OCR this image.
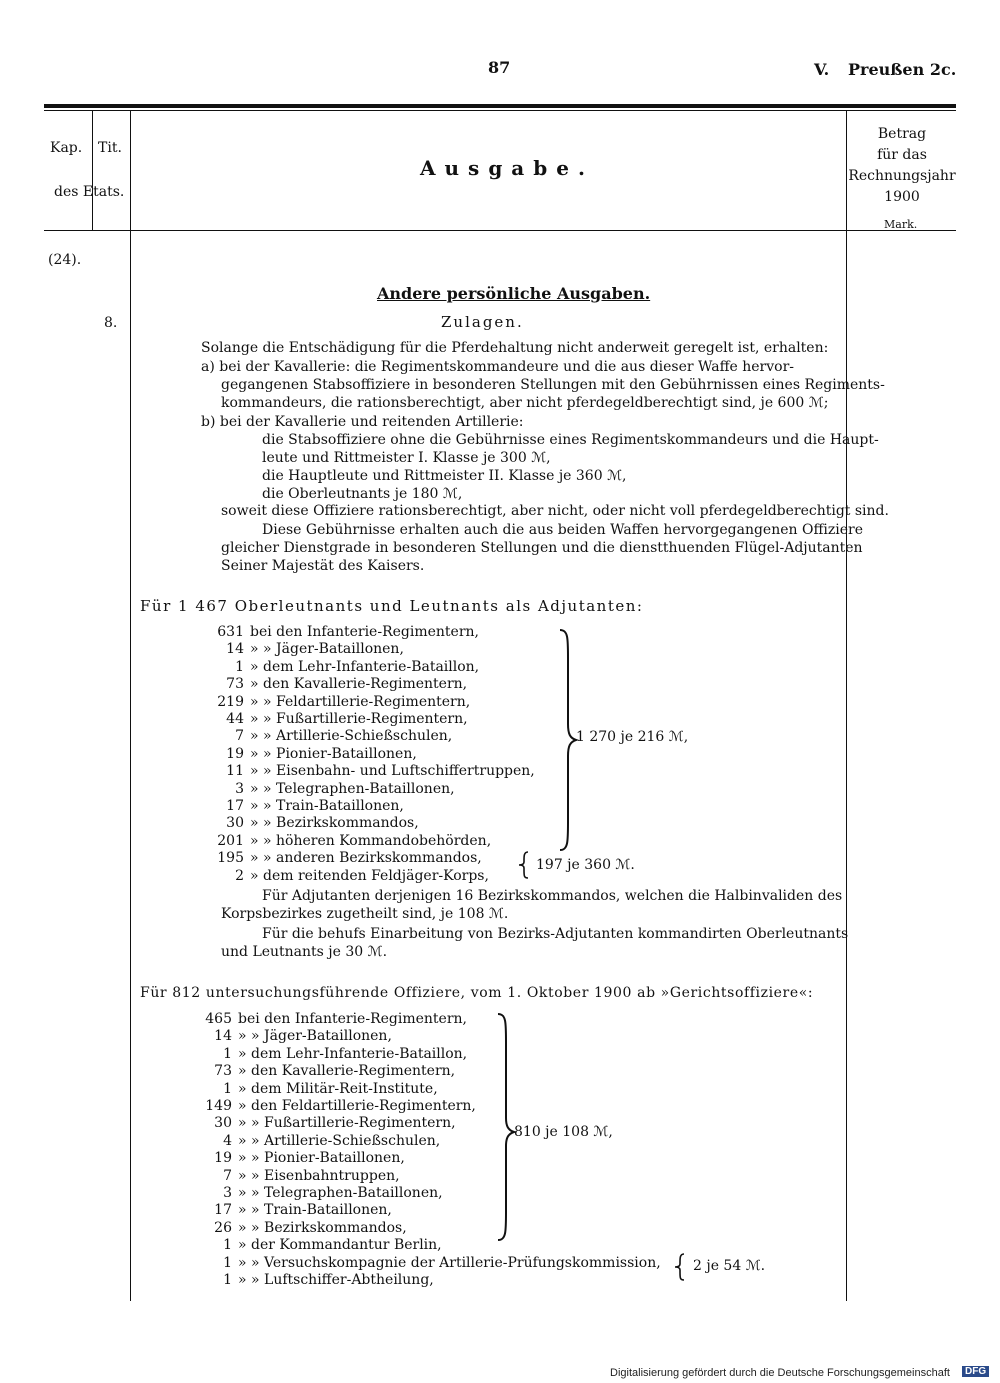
87	V. Preußen 2c.
Kap. Tit.
des Etats.
Ausgabe.
Betrag
für das
Rechnungsjahr
1900
Mark.
(24).
8.
Andere persönliche Ausgaben.
Zulagen.
Solange die Entschädigung für die Pferdehaltung nicht anderweit geregelt ist, erhalten:
a) bei der Kavallerie: die Regimentskommandeure und die aus dieser Waffe hervor-
gegangenen Stabsoffiziere in besonderen Stellungen mit den Gebührnissen eines Regiments-
kommandeurs, die rationsberechtigt, aber nicht pferdegeldberechtigt sind, je 600 ℳ;
b) bei der Kavallerie und reitenden Artillerie:
die Stabsoffiziere ohne die Gebührnisse eines Regimentskommandeurs und die Haupt-
leute und Rittmeister I. Klasse je 300 ℳ,
die Hauptleute und Rittmeister II. Klasse je 360 ℳ,
die Oberleutnants je 180 ℳ,
soweit diese Offiziere rationsberechtigt, aber nicht, oder nicht voll pferdegeldberechtigt sind.
Diese Gebührnisse erhalten auch die aus beiden Waffen hervorgegangenen Offiziere
gleicher Dienstgrade in besonderen Stellungen und die dienstthuenden Flügel-Adjutanten
Seiner Majestät des Kaisers.
Für 1 467 Oberleutnants und Leutnants als Adjutanten:
631 bei den Infanterie-Regimentern,
14 » » Jäger-Bataillonen,
1 » dem Lehr-Infanterie-Bataillon,
73 » den Kavallerie-Regimentern,
219 » » Feldartillerie-Regimentern,
44 » » Fußartillerie-Regimentern,
7 » » Artillerie-Schießschulen,
19 » » Pionier-Bataillonen,
11 » » Eisenbahn- und Luftschiffertruppen,
3 » » Telegraphen-Bataillonen,
17 » » Train-Bataillonen,
30 » » Bezirkskommandos,
201 » » höheren Kommandobehörden,
195 » » anderen Bezirkskommandos,
2 » dem reitenden Feldjäger-Korps,
1 270 je 216 ℳ,
197 je 360 ℳ.
Für Adjutanten derjenigen 16 Bezirkskommandos, welchen die Halbinvaliden des
Korpsbezirkes zugetheilt sind, je 108 ℳ.
Für die behufs Einarbeitung von Bezirks-Adjutanten kommandirten Oberleutnants
und Leutnants je 30 ℳ.
Für 812 untersuchungsführende Offiziere, vom 1. Oktober 1900 ab »Gerichtsoffiziere«:
465 bei den Infanterie-Regimentern,
14 » » Jäger-Bataillonen,
1 » dem Lehr-Infanterie-Bataillon,
73 » den Kavallerie-Regimentern,
1 » dem Militär-Reit-Institute,
149 » den Feldartillerie-Regimentern,
30 » » Fußartillerie-Regimentern,
4 » » Artillerie-Schießschulen,
19 » » Pionier-Bataillonen,
7 » » Eisenbahntruppen,
3 » » Telegraphen-Bataillonen,
17 » » Train-Bataillonen,
26 » » Bezirkskommandos,
1 » der Kommandantur Berlin,
1 » » Versuchskompagnie der Artillerie-Prüfungskommission,
1 » » Luftschiffer-Abtheilung,
810 je 108 ℳ,
2 je 54 ℳ.
Digitalisierung gefördert durch die Deutsche Forschungsgemeinschaft	DFG
